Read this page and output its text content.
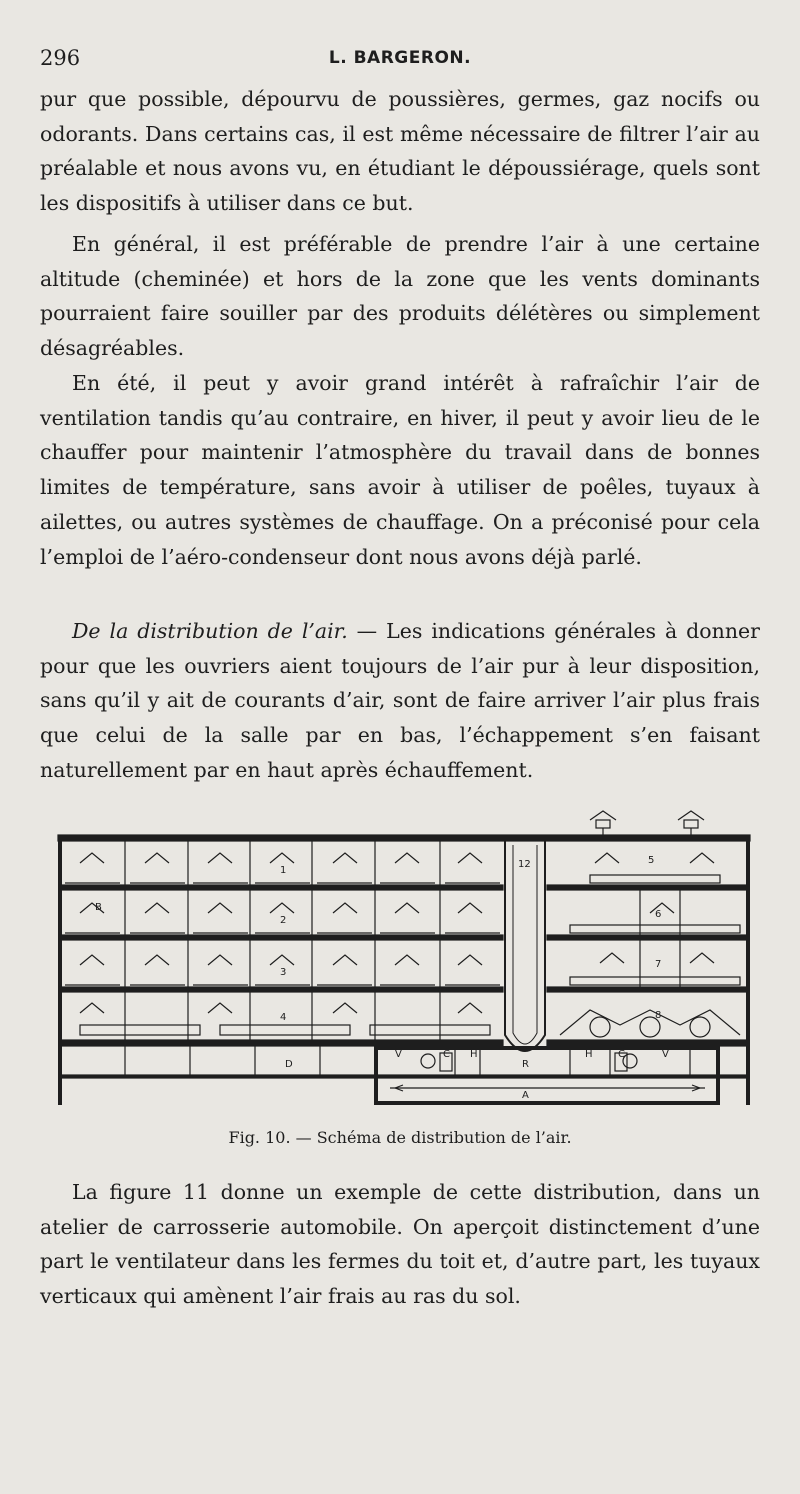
296	L. BARGERON.

pur que possible, dépourvu de poussières, germes, gaz nocifs ou odorants. Dans certains cas, il est même nécessaire de filtrer l’air au préalable et nous avons vu, en étudiant le dépoussiérage, quels sont les dispositifs à utiliser dans ce but.

En général, il est préférable de prendre l’air à une certaine altitude (cheminée) et hors de la zone que les vents dominants pourraient faire souiller par des produits délétères ou simplement désagréables.

En été, il peut y avoir grand intérêt à rafraîchir l’air de ventilation tandis qu’au contraire, en hiver, il peut y avoir lieu de le chauffer pour maintenir l’atmosphère du travail dans de bonnes limites de température, sans avoir à utiliser de poêles, tuyaux à ailettes, ou autres systèmes de chauffage. On a préconisé pour cela l’emploi de l’aéro-condenseur dont nous avons déjà parlé.

De la distribution de l’air. — Les indications générales à donner pour que les ouvriers aient toujours de l’air pur à leur disposition, sans qu’il y ait de courants d’air, sont de faire arriver l’air plus frais que celui de la salle par en bas, l’échappement s’en faisant naturellement par en haut après échauffement.

1
2
3
4
12	5
6
7
8
B
D	R
A
V	C H	H	C	V
Fig. 10. — Schéma de distribution de l’air.

La figure 11 donne un exemple de cette distribution, dans un atelier de carrosserie automobile. On aperçoit distinctement d’une part le ventilateur dans les fermes du toit et, d’autre part, les tuyaux verticaux qui amènent l’air frais au ras du sol.
